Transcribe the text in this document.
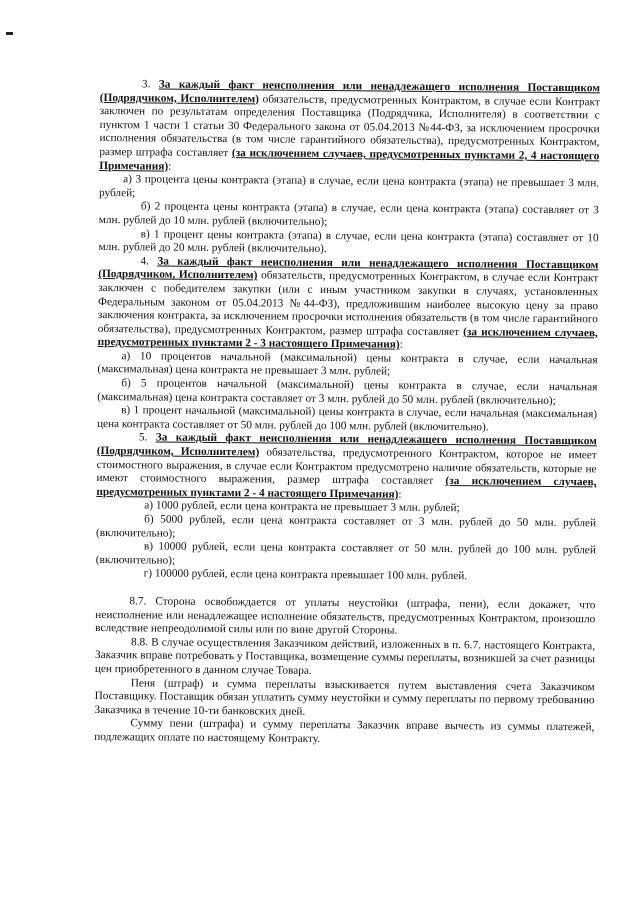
3. За каждый факт неисполнения или ненадлежащего исполнения Поставщиком (Подрядчиком, Исполнителем) обязательств, предусмотренных Контрактом, в случае если Контракт заключен по результатам определения Поставщика (Подрядчика, Исполнителя) в соответствии с пунктом 1 части 1 статьи 30 Федерального закона от 05.04.2013 №44-ФЗ, за исключением просрочки исполнения обязательства (в том числе гарантийного обязательства), предусмотренных Контрактом, размер штрафа составляет (за исключением случаев, предусмотренных пунктами 2, 4 настоящего Примечания):

а) 3 процента цены контракта (этапа) в случае, если цена контракта (этапа) не превышает 3 млн. рублей;

б) 2 процента цены контракта (этапа) в случае, если цена контракта (этапа) составляет от 3 млн. рублей до 10 млн. рублей (включительно);

в) 1 процент цены контракта (этапа) в случае, если цена контракта (этапа) составляет от 10 млн. рублей до 20 млн. рублей (включительно).

4. За каждый факт неисполнения или ненадлежащего исполнения Поставщиком (Подрядчиком, Исполнителем) обязательств, предусмотренных Контрактом, в случае если Контракт заключен с победителем закупки (или с иным участником закупки в случаях, установленных Федеральным законом от 05.04.2013 №44-ФЗ), предложившим наиболее высокую цену за право заключения контракта, за исключением просрочки исполнения обязательств (в том числе гарантийного обязательства), предусмотренных Контрактом, размер штрафа составляет (за исключением случаев, предусмотренных пунктами 2 - 3 настоящего Примечания):

а) 10 процентов начальной (максимальной) цены контракта в случае, если начальная (максимальная) цена контракта не превышает 3 млн. рублей;

б) 5 процентов начальной (максимальной) цены контракта в случае, если начальная (максимальная) цена контракта составляет от 3 млн. рублей до 50 млн. рублей (включительно);

в) 1 процент начальной (максимальной) цены контракта в случае, если начальная (максимальная) цена контракта составляет от 50 млн. рублей до 100 млн. рублей (включительно).

5. За каждый факт неисполнения или ненадлежащего исполнения Поставщиком (Подрядчиком, Исполнителем) обязательства, предусмотренного Контрактом, которое не имеет стоимостного выражения, в случае если Контрактом предусмотрено наличие обязательств, которые не имеют стоимостного выражения, размер штрафа составляет (за исключением случаев, предусмотренных пунктами 2 - 4 настоящего Примечания):

а) 1000 рублей, если цена контракта не превышает 3 млн. рублей;

б) 5000 рублей, если цена контракта составляет от 3 млн. рублей до 50 млн. рублей (включительно);

в) 10000 рублей, если цена контракта составляет от 50 млн. рублей до 100 млн. рублей (включительно);

г) 100000 рублей, если цена контракта превышает 100 млн. рублей.

8.7. Сторона освобождается от уплаты неустойки (штрафа, пени), если докажет, что неисполнение или ненадлежащее исполнение обязательств, предусмотренных Контрактом, произошло вследствие непреодолимой силы или по вине другой Стороны.

8.8. В случае осуществления Заказчиком действий, изложенных в п. 6.7. настоящего Контракта, Заказчик вправе потребовать у Поставщика, возмещение суммы переплаты, возникшей за счет разницы цен приобретенного в данном случае Товара.

Пеня (штраф) и сумма переплаты взыскивается путем выставления счета Заказчиком Поставщику. Поставщик обязан уплатить сумму неустойки и сумму переплаты по первому требованию Заказчика в течение 10-ти банковских дней.

Сумму пени (штрафа) и сумму переплаты Заказчик вправе вычесть из суммы платежей, подлежащих оплате по настоящему Контракту.
